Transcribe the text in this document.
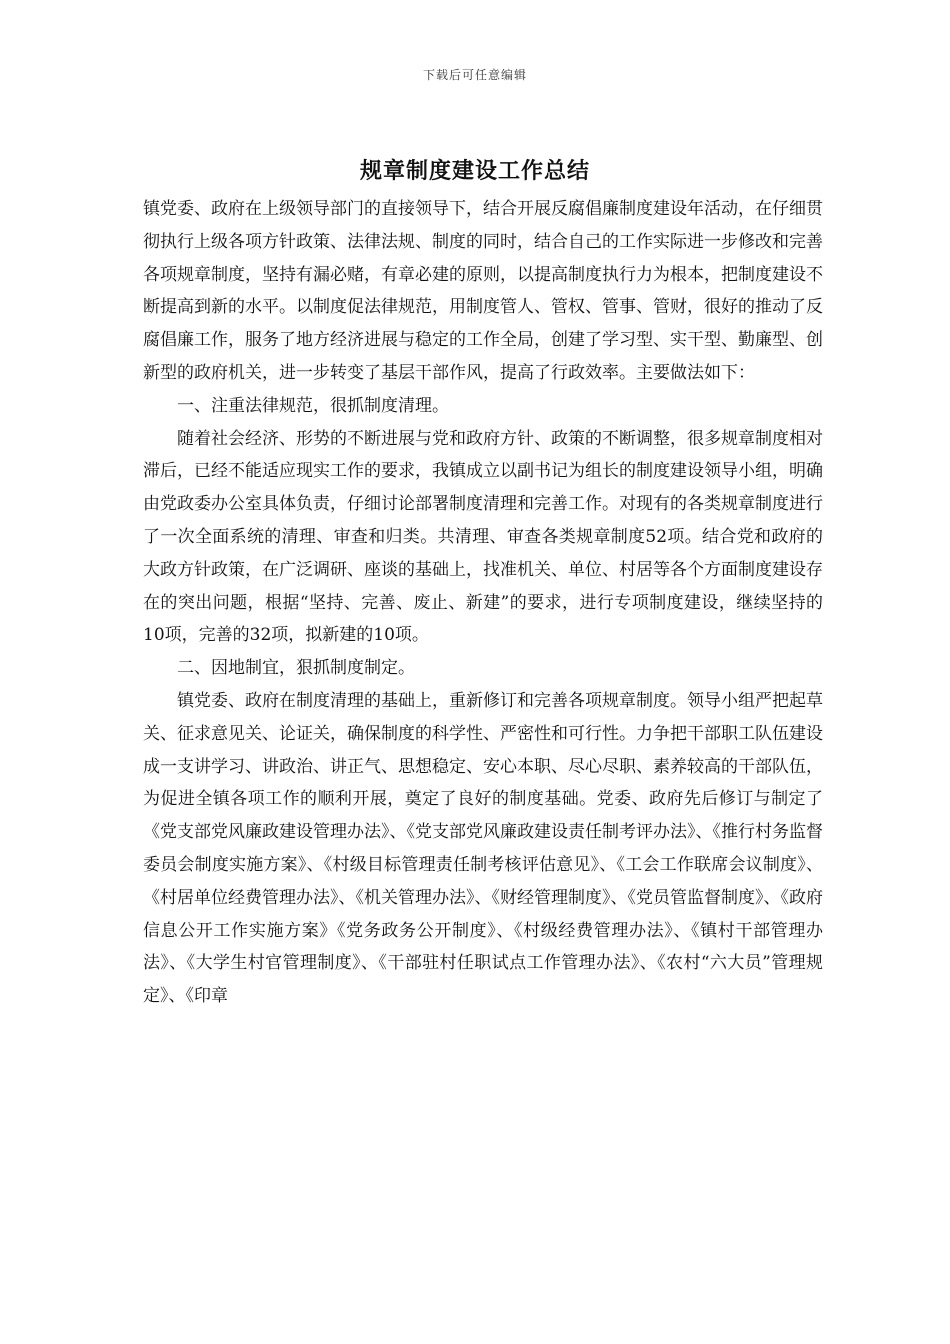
下载后可任意编辑
规章制度建设工作总结

镇党委、政府在上级领导部门的直接领导下，结合开展反腐倡廉制度建设年活动，在仔细贯彻执行上级各项方针政策、法律法规、制度的同时，结合自己的工作实际进一步修改和完善各项规章制度，坚持有漏必赌，有章必建的原则，以提高制度执行力为根本，把制度建设不断提高到新的水平。以制度促法律规范，用制度管人、管权、管事、管财，很好的推动了反腐倡廉工作，服务了地方经济进展与稳定的工作全局，创建了学习型、实干型、勤廉型、创新型的政府机关，进一步转变了基层干部作风，提高了行政效率。主要做法如下：

一、注重法律规范，很抓制度清理。

随着社会经济、形势的不断进展与党和政府方针、政策的不断调整，很多规章制度相对滞后，已经不能适应现实工作的要求，我镇成立以副书记为组长的制度建设领导小组，明确由党政委办公室具体负责，仔细讨论部署制度清理和完善工作。对现有的各类规章制度进行了一次全面系统的清理、审查和归类。共清理、审查各类规章制度52项。结合党和政府的大政方针政策，在广泛调研、座谈的基础上，找准机关、单位、村居等各个方面制度建设存在的突出问题，根据“坚持、完善、废止、新建”的要求，进行专项制度建设，继续坚持的10项，完善的32项，拟新建的10项。

二、因地制宜，狠抓制度制定。

镇党委、政府在制度清理的基础上，重新修订和完善各项规章制度。领导小组严把起草关、征求意见关、论证关，确保制度的科学性、严密性和可行性。力争把干部职工队伍建设成一支讲学习、讲政治、讲正气、思想稳定、安心本职、尽心尽职、素养较高的干部队伍，为促进全镇各项工作的顺利开展，奠定了良好的制度基础。党委、政府先后修订与制定了《党支部党风廉政建设管理办法》、《党支部党风廉政建设责任制考评办法》、《推行村务监督委员会制度实施方案》、《村级目标管理责任制考核评估意见》、《工会工作联席会议制度》、《村居单位经费管理办法》、《机关管理办法》、《财经管理制度》、《党员管监督制度》、《政府信息公开工作实施方案》《党务政务公开制度》、《村级经费管理办法》、《镇村干部管理办法》、《大学生村官管理制度》、《干部驻村任职试点工作管理办法》、《农村“六大员”管理规定》、《印章
